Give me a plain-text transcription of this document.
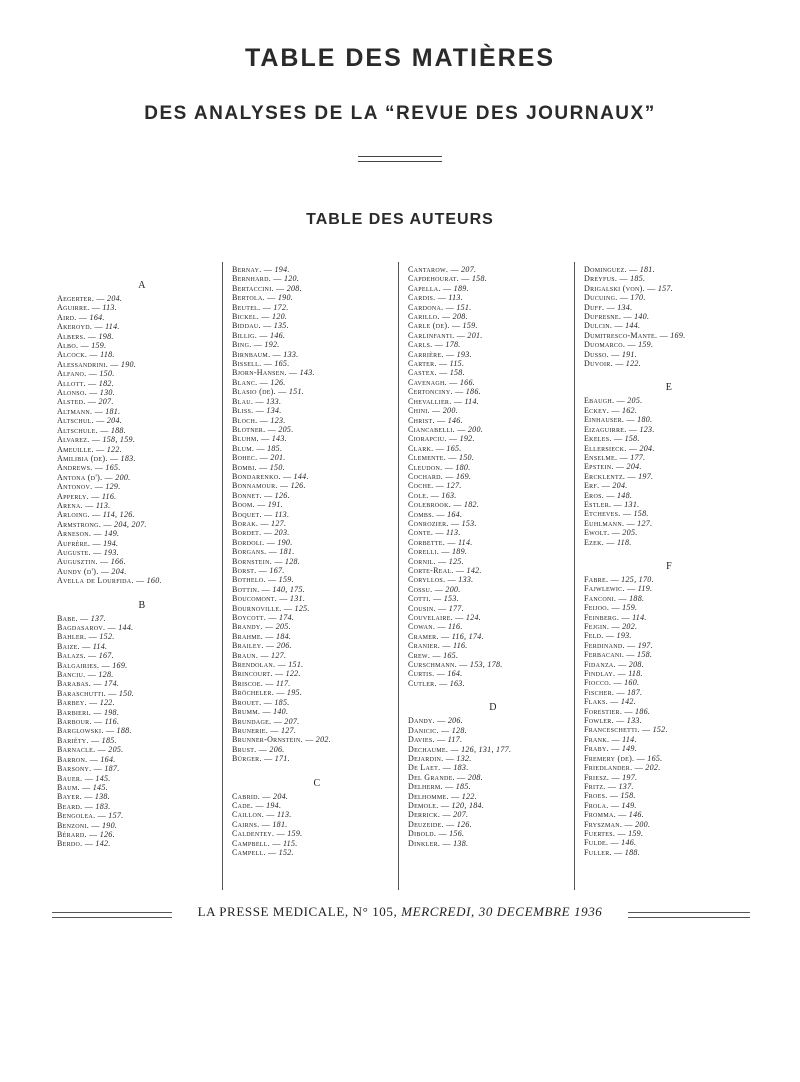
TABLE DES MATIÈRES
DES ANALYSES DE LA “REVUE DES JOURNAUX”
TABLE DES AUTEURS
A
Aegerter. — 204.
Aguirre. — 113.
Aird. — 164.
Akeroyd. — 114.
Albers. — 198.
Albo. — 159.
Alcock. — 118.
Alessandrini. — 190.
Alfano. — 150.
Allott. — 182.
Alonso. — 130.
Alsted. — 207.
Altmann. — 181.
Altschul. — 204.
Altschule. — 188.
Alvarez. — 158, 159.
Ameuille. — 122.
Amilibia (de). — 183.
Andrews. — 165.
Antona (d'). — 200.
Antonov. — 129.
Apperly. — 116.
Arena. — 113.
Arloing. — 114, 126.
Armstrong. — 204, 207.
Arneson. — 149.
Aufrère. — 194.
Auguste. — 193.
Augusztin. — 166.
Aundy (d'). — 204.
Avella de Lourfida. — 160.
B
Babe. — 137.
Bagdasarov. — 144.
Bahler. — 152.
Baize. — 114.
Balazs. — 167.
Balgairies. — 169.
Banciu. — 128.
Barabas. — 174.
Baraschutti. — 150.
Barbey. — 122.
Barbieri. — 198.
Barbour. — 116.
Barglowski. — 188.
Bariéty. — 185.
Barnacle. — 205.
Barron. — 164.
Barsony. — 187.
Bauer. — 145.
Baum. — 145.
Bayer. — 138.
Beard. — 183.
Bengolea. — 157.
Benzoni. — 190.
Bérard. — 126.
Berdo. — 142.
Bernay. — 194.
Bernhard. — 120.
Bertaccini. — 208.
Bertola. — 190.
Beutel. — 172.
Bickel. — 120.
Biddau. — 135.
Billig. — 146.
Bing. — 192.
Birnbaum. — 133.
Bissell. — 165.
Bjorn-Hansen. — 143.
Blanc. — 126.
Blasio (de). — 151.
Blau. — 133.
Bliss. — 134.
Bloch. — 123.
Blotner. — 205.
Bluhm. — 143.
Blum. — 185.
Bohec. — 201.
Bombi. — 150.
Bondarenko. — 144.
Bonnamour. — 126.
Bonnet. — 126.
Boom. — 191.
Boquet. — 113.
Borak. — 127.
Bordet. — 203.
Bordoli. — 190.
Borgans. — 181.
Bornstein. — 128.
Borst. — 167.
Bothelo. — 159.
Bottin. — 140, 175.
Boucomont. — 131.
Bournoville. — 125.
Boycott. — 174.
Brandy. — 205.
Brahme. — 184.
Brailey. — 206.
Braun. — 127.
Brendolan. — 151.
Brincourt. — 122.
Briscoe. — 117.
Bröcheler. — 195.
Brouet. — 185.
Brumm. — 140.
Brundage. — 207.
Brunerie. — 127.
Brunner-Ornstein. — 202.
Brust. — 206.
Bürger. — 171.
C
Cabrid. — 204.
Cade. — 194.
Caillon. — 113.
Cairns. — 181.
Caldentey. — 159.
Campbell. — 115.
Campell. — 152.
Cantarow. — 207.
Capdehourat. — 158.
Capella. — 189.
Cardis. — 113.
Cardona. — 151.
Carillo. — 208.
Carle (de). — 159.
Carlinfanti. — 201.
Carls. — 178.
Carrière. — 193.
Carter. — 115.
Castex. — 158.
Cavenagh. — 166.
Certonciny. — 186.
Chevallier. — 114.
Chini. — 200.
Christ. — 146.
Ciancabelli. — 200.
Ciorapciu. — 192.
Clark. — 165.
Clemente. — 150.
Cleudon. — 180.
Cochard. — 169.
Coche. — 127.
Cole. — 163.
Colebrook. — 182.
Combs. — 164.
Conrozier. — 153.
Conte. — 113.
Corbette. — 114.
Corelli. — 189.
Cornil. — 125.
Corte-Real. — 142.
Coryllos. — 133.
Cossu. — 200.
Cotti. — 153.
Cousin. — 177.
Couvelaire. — 124.
Cowan. — 116.
Cramer. — 116, 174.
Cranier. — 116.
Crew. — 165.
Curschmann. — 153, 178.
Curtis. — 164.
Cutler. — 163.
D
Dandy. — 206.
Danicic. — 128.
Davies. — 117.
Dechaume. — 126, 131, 177.
Dejardin. — 132.
De Laet. — 183.
Del Grande. — 208.
Delherm. — 185.
Delhomme. — 122.
Demole. — 120, 184.
Derrick. — 207.
Deuzeide. — 126.
Dibold. — 156.
Dinkler. — 138.
Dominguez. — 181.
Dreyfus. — 185.
Drigalski (von). — 157.
Ducuing. — 170.
Duff. — 134.
Dufresne. — 140.
Dulcin. — 144.
Dumitresco-Mante. — 169.
Duomarco. — 159.
Dusso. — 191.
Duvoir. — 122.
E
Ebaugh. — 205.
Eckey. — 162.
Einhauser. — 180.
Eizaguirre. — 123.
Ekeles. — 158.
Ellersieck. — 204.
Enselme. — 177.
Epstein. — 204.
Ercklentz. — 197.
Erf. — 204.
Eros. — 148.
Estler. — 131.
Etcheves. — 158.
Euhlmann. — 127.
Ewolt. — 205.
Ezek. — 118.
F
Fabre. — 125, 170.
Fajwlewic. — 119.
Fanconi. — 188.
Feijoo. — 159.
Feinberg. — 114.
Fejgin. — 202.
Feld. — 193.
Ferdinand. — 197.
Ferbacani. — 158.
Fidanza. — 208.
Findlay. — 118.
Fiocco. — 160.
Fischer. — 187.
Flaks. — 142.
Forestier. — 186.
Fowler. — 133.
Franceschetti. — 152.
Frank. — 114.
Fraby. — 149.
Fremery (de). — 165.
Friedlander. — 202.
Friesz. — 197.
Fritz. — 137.
Froes. — 158.
Frola. — 149.
Fromma. — 146.
Fryszman. — 200.
Fuertes. — 159.
Fulde. — 146.
Fuller. — 188.
LA PRESSE MEDICALE, N° 105, MERCREDI, 30 DECEMBRE 1936
